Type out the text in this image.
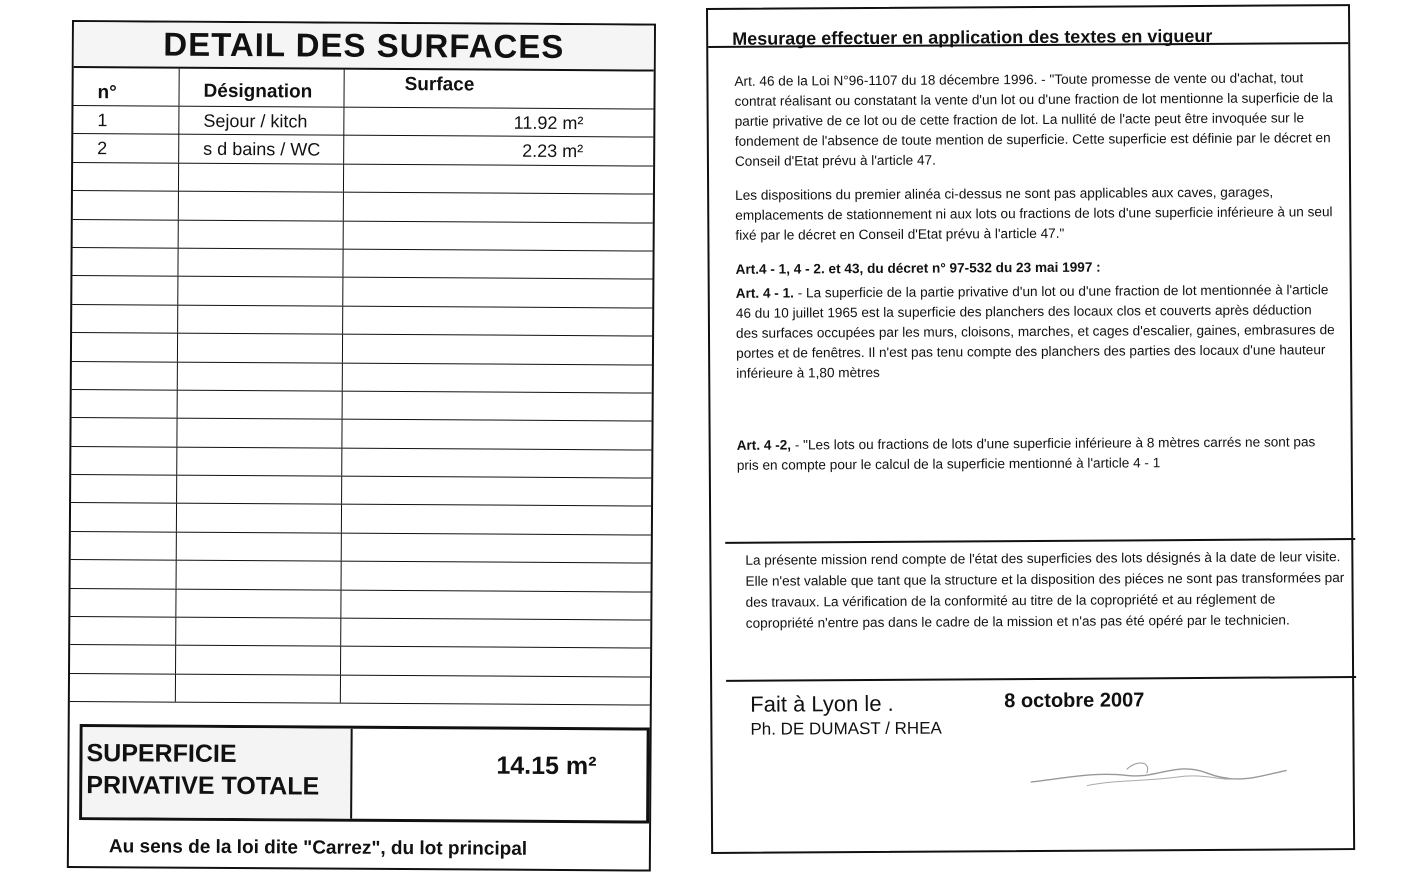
DETAIL DES SURFACES
n°	Désignation	Surface
1	Sejour / kitch	11.92 m²
2	s d bains / WC	2.23 m²
SUPERFICIE
PRIVATIVE TOTALE
14.15 m²
Au sens de la loi dite "Carrez", du lot principal
Mesurage effectuer en application des textes en vigueur

Art. 46 de la Loi N°96-1107 du 18 décembre 1996. - "Toute promesse de vente ou d'achat, tout contrat réalisant ou constatant la vente d'un lot ou d'une fraction de lot mentionne la superficie de la partie privative de ce lot ou de cette fraction de lot. La nullité de l'acte peut être invoquée sur le fondement de l'absence de toute mention de superficie. Cette superficie est définie par le décret en Conseil d'Etat prévu à l'article 47.

Les dispositions du premier alinéa ci-dessus ne sont pas applicables aux caves, garages, emplacements de stationnement ni aux lots ou fractions de lots d'une superficie inférieure à un seul fixé par le décret en Conseil d'Etat prévu à l'article 47."

Art.4 - 1, 4 - 2. et 43, du décret n° 97-532 du 23 mai 1997 :

Art. 4 - 1. - La superficie de la partie privative d'un lot ou d'une fraction de lot mentionnée à l'article 46 du 10 juillet 1965 est la superficie des planchers des locaux clos et couverts après déduction des surfaces occupées par les murs, cloisons, marches, et cages d'escalier, gaines, embrasures de portes et de fenêtres. Il n'est pas tenu compte des planchers des parties des locaux d'une hauteur inférieure à 1,80 mètres

Art. 4 -2, - "Les lots ou fractions de lots d'une superficie inférieure à 8 mètres carrés ne sont pas pris en compte pour le calcul de la superficie mentionné à l'article 4 - 1

La présente mission rend compte de l'état des superficies des lots désignés à la date de leur visite. Elle n'est valable que tant que la structure et la disposition des piéces ne sont pas transformées par des travaux. La vérification de la conformité au titre de la copropriété et au réglement de copropriété n'entre pas dans le cadre de la mission et n'as pas été opéré par le technicien.
Fait à Lyon le .	8 octobre 2007
Ph. DE DUMAST / RHEA
